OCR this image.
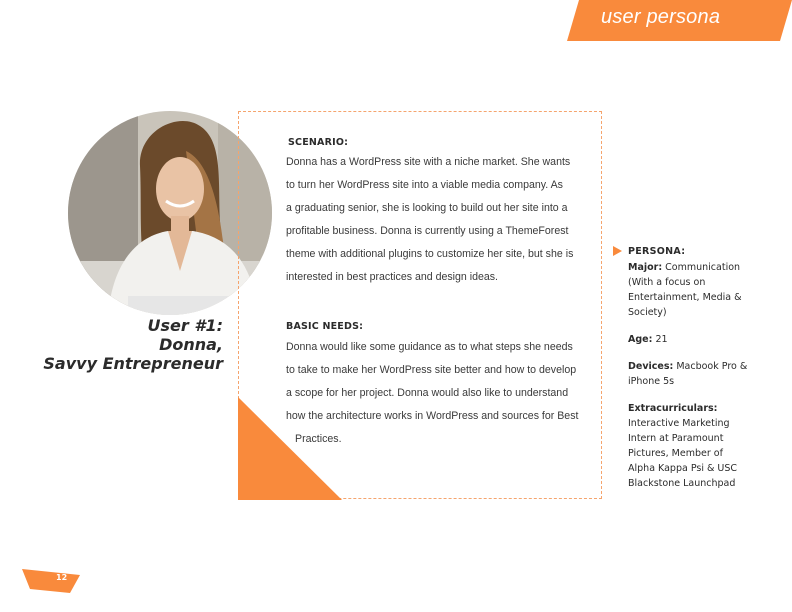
user persona
User #1:
Donna,
Savvy Entrepreneur
SCENARIO:
Donna has a WordPress site with a niche market. She wants
to turn her WordPress site into a viable media company. As
a graduating senior, she is looking to build out her site into a
profitable business. Donna is currently using a ThemeForest
theme with additional plugins to customize her site, but she is
interested in best practices and design ideas.
BASIC NEEDS:
Donna would like some guidance as to what steps she needs
to take to make her WordPress site better and how to develop
a scope for her project. Donna would also like to understand
how the architecture works in WordPress and sources for Best
Practices.
PERSONA:
Major: Communication
(With a focus on
Entertainment, Media &
Society)
Age: 21
Devices: Macbook Pro &
iPhone 5s
Extracurriculars:
Interactive Marketing
Intern at Paramount
Pictures, Member of
Alpha Kappa Psi & USC
Blackstone Launchpad
12
